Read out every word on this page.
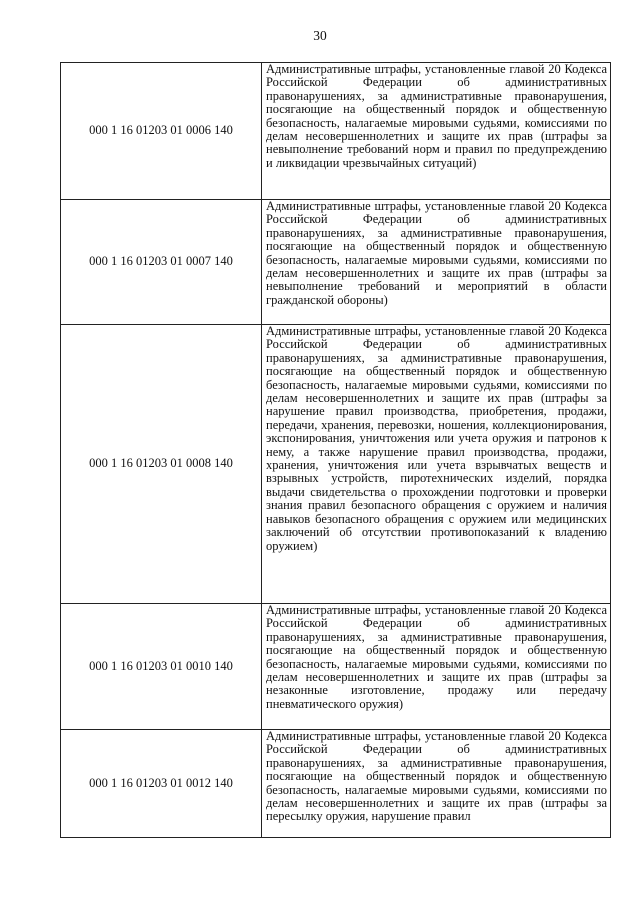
30
000 1 16 01203 01 0006 140	Административные штрафы, установленные главой 20 Кодекса Российской Федерации об административных правонарушениях, за административные правонарушения, посягающие на общественный порядок и общественную безопасность, налагаемые мировыми судьями, комиссиями по делам несовершеннолетних и защите их прав (штрафы за невыполнение требований норм и правил по предупреждению и ликвидации чрезвычайных ситуаций)

000 1 16 01203 01 0007 140	Административные штрафы, установленные главой 20 Кодекса Российской Федерации об административных правонарушениях, за административные правонарушения, посягающие на общественный порядок и общественную безопасность, налагаемые мировыми судьями, комиссиями по делам несовершеннолетних и защите их прав (штрафы за невыполнение требований и мероприятий в области гражданской обороны)

000 1 16 01203 01 0008 140	Административные штрафы, установленные главой 20 Кодекса Российской Федерации об административных правонарушениях, за административные правонарушения, посягающие на общественный порядок и общественную безопасность, налагаемые мировыми судьями, комиссиями по делам несовершеннолетних и защите их прав (штрафы за нарушение правил производства, приобретения, продажи, передачи, хранения, перевозки, ношения, коллекционирования, экспонирования, уничтожения или учета оружия и патронов к нему, а также нарушение правил производства, продажи, хранения, уничтожения или учета взрывчатых веществ и взрывных устройств, пиротехнических изделий, порядка выдачи свидетельства о прохождении подготовки и проверки знания правил безопасного обращения с оружием и наличия навыков безопасного обращения с оружием или медицинских заключений об отсутствии противопоказаний к владению оружием)

000 1 16 01203 01 0010 140	Административные штрафы, установленные главой 20 Кодекса Российской Федерации об административных правонарушениях, за административные правонарушения, посягающие на общественный порядок и общественную безопасность, налагаемые мировыми судьями, комиссиями по делам несовершеннолетних и защите их прав (штрафы за незаконные изготовление, продажу или передачу пневматического оружия)

000 1 16 01203 01 0012 140	Административные штрафы, установленные главой 20 Кодекса Российской Федерации об административных правонарушениях, за административные правонарушения, посягающие на общественный порядок и общественную безопасность, налагаемые мировыми судьями, комиссиями по делам несовершеннолетних и защите их прав (штрафы за пересылку оружия, нарушение правил
